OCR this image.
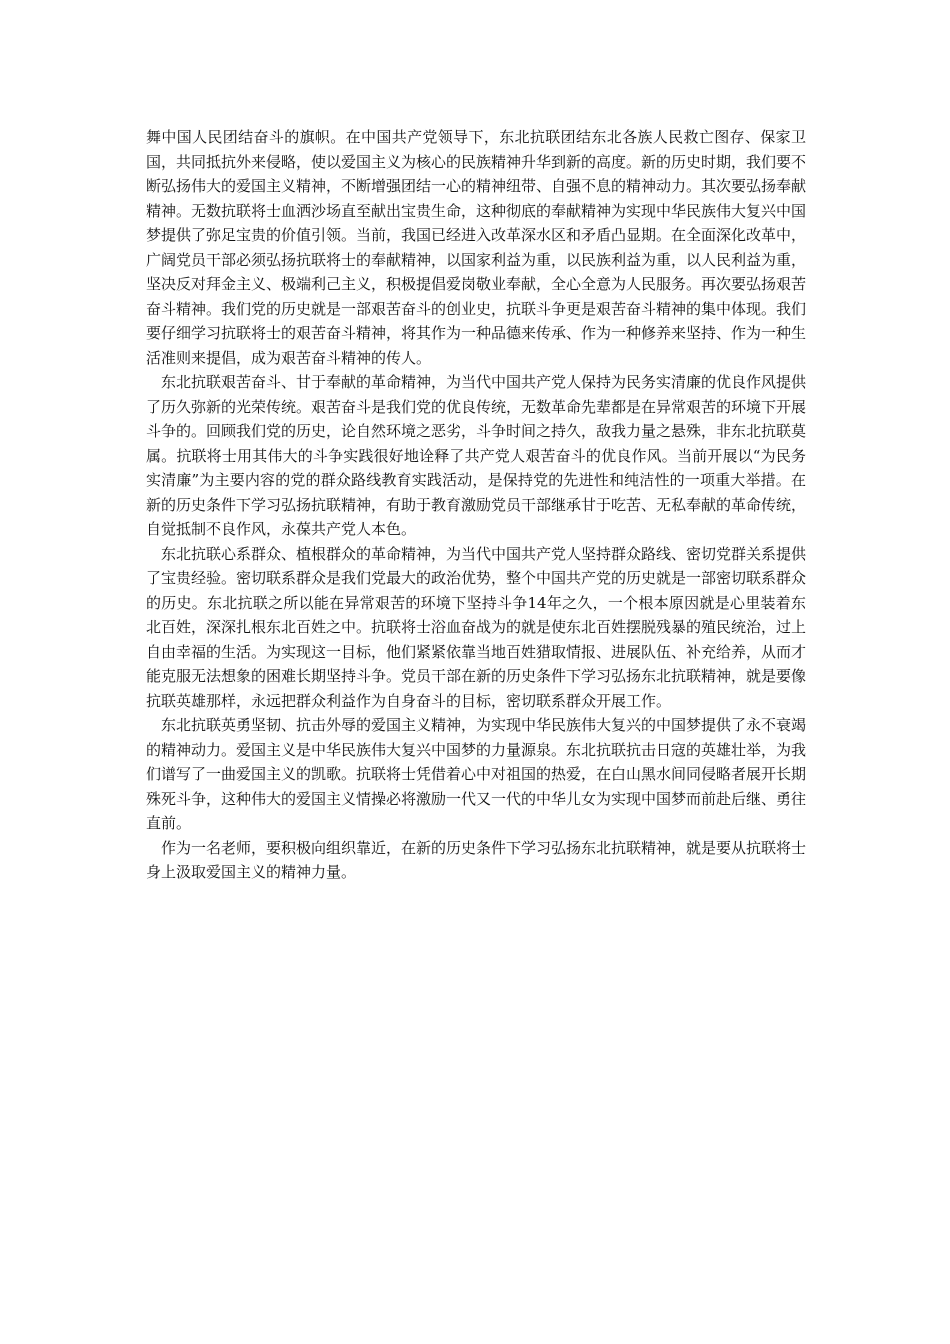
舞中国人民团结奋斗的旗帜。在中国共产党领导下，东北抗联团结东北各族人民救亡图存、保家卫国，共同抵抗外来侵略，使以爱国主义为核心的民族精神升华到新的高度。新的历史时期，我们要不断弘扬伟大的爱国主义精神，不断增强团结一心的精神纽带、自强不息的精神动力。其次要弘扬奉献精神。无数抗联将士血洒沙场直至献出宝贵生命，这种彻底的奉献精神为实现中华民族伟大复兴中国梦提供了弥足宝贵的价值引领。当前，我国已经进入改革深水区和矛盾凸显期。在全面深化改革中，广阔党员干部必须弘扬抗联将士的奉献精神，以国家利益为重，以民族利益为重，以人民利益为重，坚决反对拜金主义、极端利己主义，积极提倡爱岗敬业奉献，全心全意为人民服务。再次要弘扬艰苦奋斗精神。我们党的历史就是一部艰苦奋斗的创业史，抗联斗争更是艰苦奋斗精神的集中体现。我们要仔细学习抗联将士的艰苦奋斗精神，将其作为一种品德来传承、作为一种修养来坚持、作为一种生活准则来提倡，成为艰苦奋斗精神的传人。

东北抗联艰苦奋斗、甘于奉献的革命精神，为当代中国共产党人保持为民务实清廉的优良作风提供了历久弥新的光荣传统。艰苦奋斗是我们党的优良传统，无数革命先辈都是在异常艰苦的环境下开展斗争的。回顾我们党的历史，论自然环境之恶劣，斗争时间之持久，敌我力量之悬殊，非东北抗联莫属。抗联将士用其伟大的斗争实践很好地诠释了共产党人艰苦奋斗的优良作风。当前开展以“为民务实清廉”为主要内容的党的群众路线教育实践活动，是保持党的先进性和纯洁性的一项重大举措。在新的历史条件下学习弘扬抗联精神，有助于教育激励党员干部继承甘于吃苦、无私奉献的革命传统，自觉抵制不良作风，永葆共产党人本色。

东北抗联心系群众、植根群众的革命精神，为当代中国共产党人坚持群众路线、密切党群关系提供了宝贵经验。密切联系群众是我们党最大的政治优势，整个中国共产党的历史就是一部密切联系群众的历史。东北抗联之所以能在异常艰苦的环境下坚持斗争14年之久，一个根本原因就是心里装着东北百姓，深深扎根东北百姓之中。抗联将士浴血奋战为的就是使东北百姓摆脱残暴的殖民统治，过上自由幸福的生活。为实现这一目标，他们紧紧依靠当地百姓猎取情报、进展队伍、补充给养，从而才能克服无法想象的困难长期坚持斗争。党员干部在新的历史条件下学习弘扬东北抗联精神，就是要像抗联英雄那样，永远把群众利益作为自身奋斗的目标，密切联系群众开展工作。

东北抗联英勇坚韧、抗击外辱的爱国主义精神，为实现中华民族伟大复兴的中国梦提供了永不衰竭的精神动力。爱国主义是中华民族伟大复兴中国梦的力量源泉。东北抗联抗击日寇的英雄壮举，为我们谱写了一曲爱国主义的凯歌。抗联将士凭借着心中对祖国的热爱，在白山黑水间同侵略者展开长期殊死斗争，这种伟大的爱国主义情操必将激励一代又一代的中华儿女为实现中国梦而前赴后继、勇往直前。

作为一名老师，要积极向组织靠近，在新的历史条件下学习弘扬东北抗联精神，就是要从抗联将士身上汲取爱国主义的精神力量。
